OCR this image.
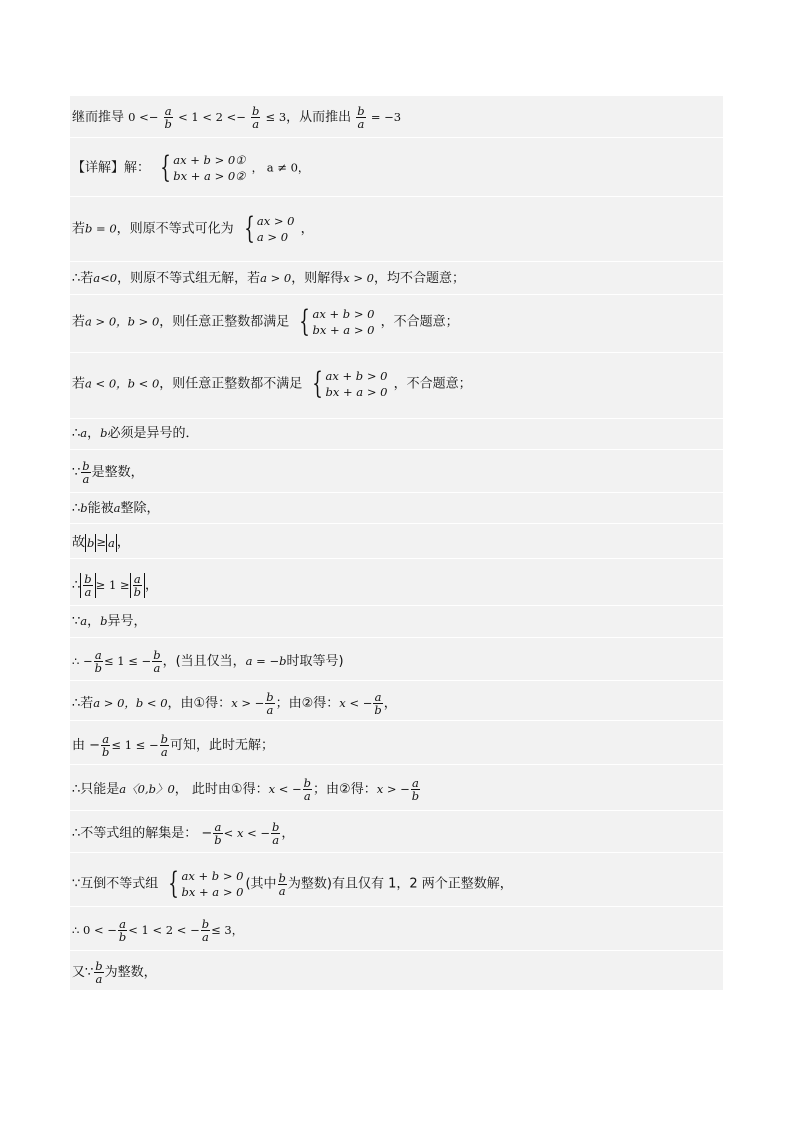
继而推导 $0 <- \frac{a}{b} < 1 < 2 <- \frac{b}{a} \le 3$，从而推出 $\frac{b}{a} = -3$
【详解】解： { ax + b > 0①
bx + a > 0②
， a ≠ 0，
若b = 0，则原不等式可化为 { ax > 0
a > 0
，
∴若a<0，则原不等式组无解，若a > 0，则解得x > 0，均不合题意；
若a > 0，b > 0，则任意正整数都满足 { ax + b > 0
bx + a > 0
，不合题意；
若a < 0，b < 0，则任意正整数都不满足 { ax + b > 0
bx + a > 0
，不合题意；
∴a，b必须是异号的．
∵ $\frac{b}{a}$ 是整数，
∴b能被a整除，
故 b ≥ a ，
∴ $\frac{b}{a} \ge 1 \ge \frac{a}{b}$ ，
∵a，b异号，
∴ − $\frac{a}{b} \le 1$ ≤ − $\frac{b}{a}$ ，(当且仅当，a = −b时取等号)
∴若a > 0，b < 0，由①得：x > − $\frac{b}{a}$ ；由②得：x < − $\frac{a}{b}$ ，
由 − $\frac{a}{b} \le 1$ ≤ − $\frac{b}{a}$ 可知，此时无解；
∴只能是a〈0,b〉0， 此时由①得：x < − $\frac{b}{a}$ ；由②得：x > − $\frac{a}{b}$
∴不等式组的解集是： − $\frac{a}{b} < x$ < − $\frac{b}{a}$ ，
∵互倒不等式组 { ax + b > 0
bx + a > 0
(其中 $\frac{b}{a}$ 为整数)有且仅有 1，2 两个正整数解，
∴ 0 < − $\frac{a}{b} < 1 < 2$ < − $\frac{b}{a} \le 3$，
又∵ $\frac{b}{a}$ 为整数，
